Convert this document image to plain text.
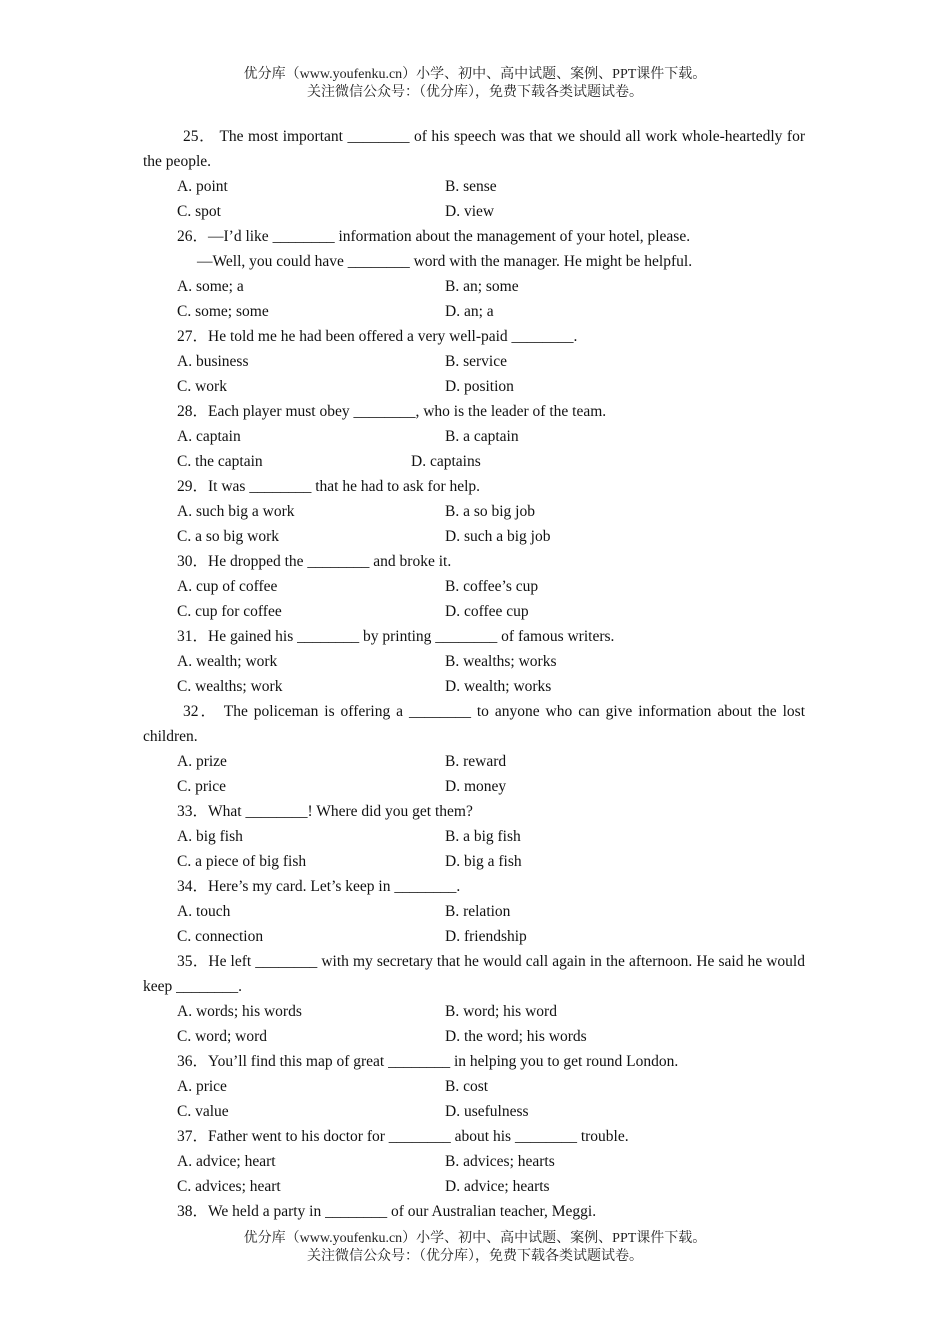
优分库（www.youfenku.cn）小学、初中、高中试题、案例、PPT课件下载。
关注微信公众号：（优分库），免费下载各类试题试卷。
25． The most important ________ of his speech was that we should all work whole-heartedly for the people.
A. point	B. sense
C. spot	D. view
26．—I’d like ________ information about the management of your hotel, please.
—Well, you could have ________ word with the manager. He might be helpful.
A. some; a	B. an; some
C. some; some	D. an; a
27．He told me he had been offered a very well-paid ________.
A. business	B. service
C. work	D. position
28．Each player must obey ________, who is the leader of the team.
A. captain	B. a captain
C. the captain	D. captains
29．It was ________ that he had to ask for help.
A. such big a work	B. a so big job
C. a so big work	D. such a big job
30．He dropped the ________ and broke it.
A. cup of coffee	B. coffee’s cup
C. cup for coffee	D. coffee cup
31．He gained his ________ by printing ________ of famous writers.
A. wealth; work	B. wealths; works
C. wealths; work	D. wealth; works
32． The policeman is offering a ________ to anyone who can give information about the lost children.
A. prize	B. reward
C. price	D. money
33．What ________! Where did you get them?
A. big fish	B. a big fish
C. a piece of big fish	D. big a fish
34．Here’s my card. Let’s keep in ________.
A. touch	B. relation
C. connection	D. friendship
35．He left ________ with my secretary that he would call again in the afternoon. He said he would keep ________.
A. words; his words	B. word; his word
C. word; word	D. the word; his words
36．You’ll find this map of great ________ in helping you to get round London.
A. price	B. cost
C. value	D. usefulness
37．Father went to his doctor for ________ about his ________ trouble.
A. advice; heart	B. advices; hearts
C. advices; heart	D. advice; hearts
38．We held a party in ________ of our Australian teacher, Meggi.
优分库（www.youfenku.cn）小学、初中、高中试题、案例、PPT课件下载。
关注微信公众号：（优分库），免费下载各类试题试卷。
